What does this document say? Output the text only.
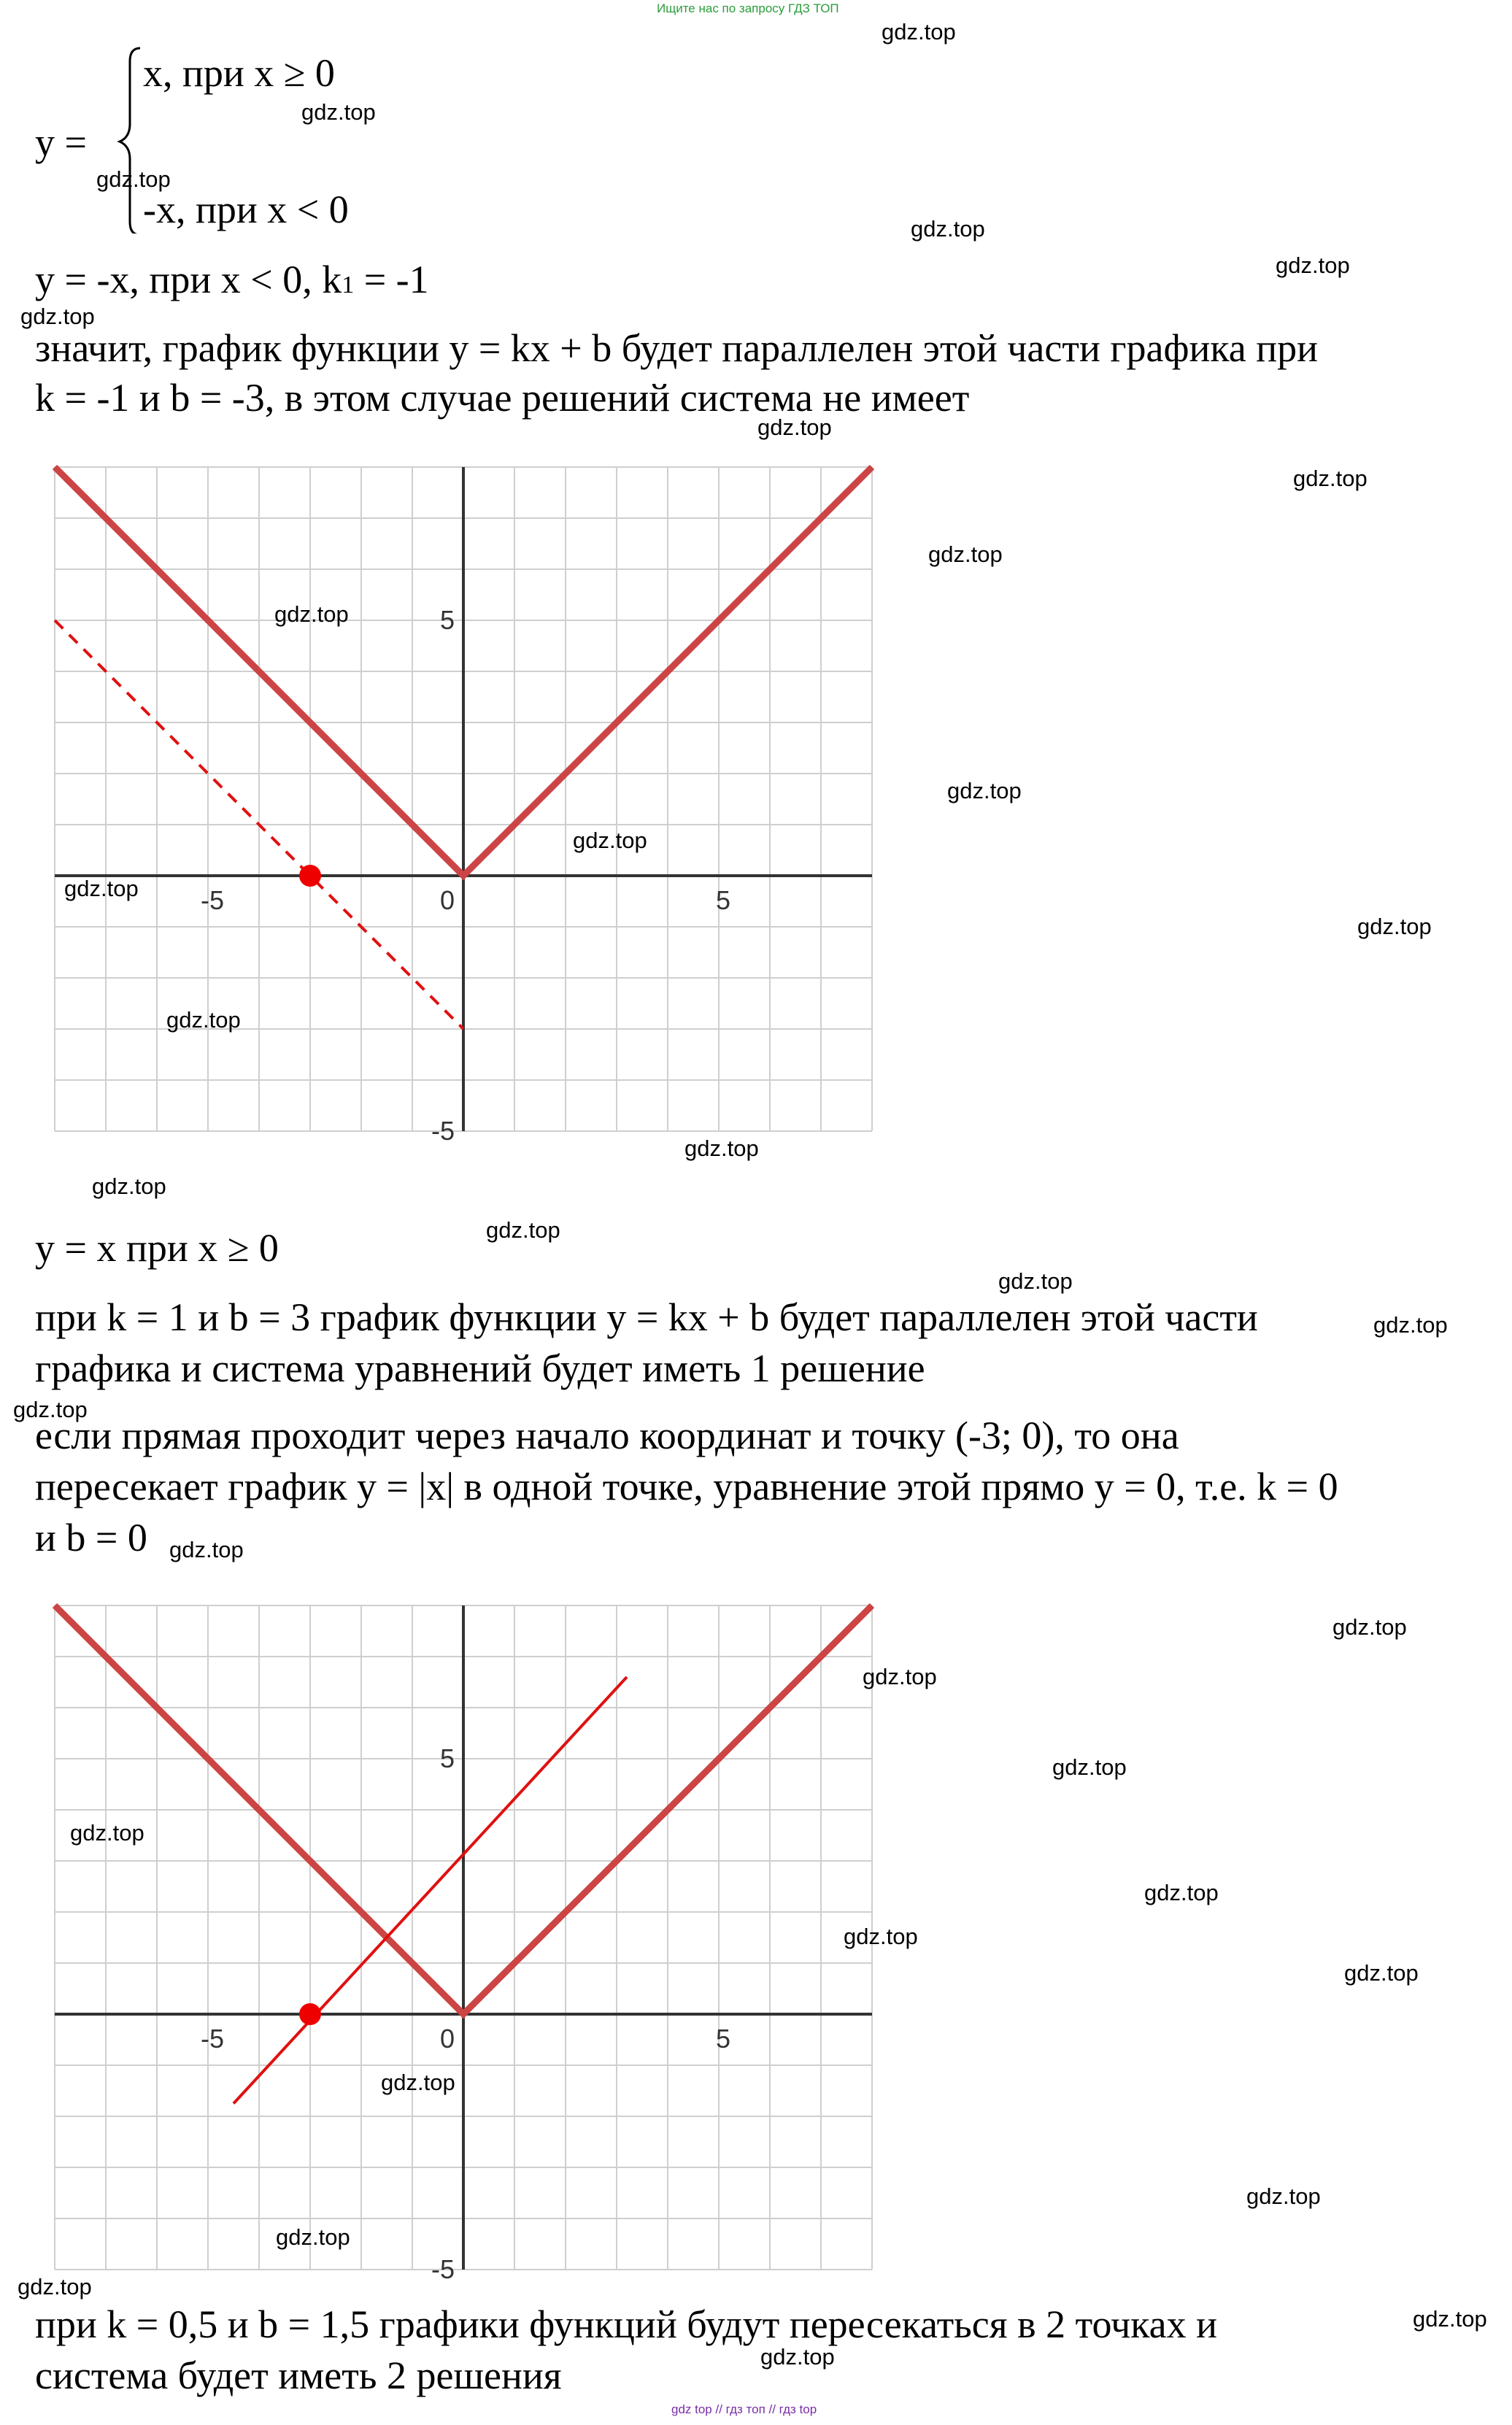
Ищите нас по запросу ГДЗ ТОП
gdz top // гдз топ // гдз top
y =
x, при x ≥ 0
-x, при x < 0
y = -x, при x < 0, k1 = -1
значит, график функции y = kx + b будет параллелен этой части графика при
k = -1 и b = -3, в этом случае решений система не имеет
-5	0	5
5
-5
y = x при x ≥ 0
при k = 1 и b = 3 график функции y = kx + b будет параллелен этой части
графика и система уравнений будет иметь 1 решение
если прямая проходит через начало координат и точку (-3; 0), то она
пересекает график y = |x| в одной точке, уравнение этой прямо y = 0, т.е. k = 0
и b = 0
-5	0	5
5
-5
при k = 0,5 и b = 1,5 графики функций будут пересекаться в 2 точках и
система будет иметь 2 решения
gdz.top
gdz.top
gdz.top
gdz.top
gdz.top
gdz.top
gdz.top
gdz.top
gdz.top
gdz.top
gdz.top
gdz.top
gdz.top
gdz.top
gdz.top
gdz.top
gdz.top
gdz.top
gdz.top
gdz.top
gdz.top
gdz.top
gdz.top
gdz.top
gdz.top
gdz.top
gdz.top
gdz.top
gdz.top
gdz.top
gdz.top
gdz.top
gdz.top
gdz.top
gdz.top
